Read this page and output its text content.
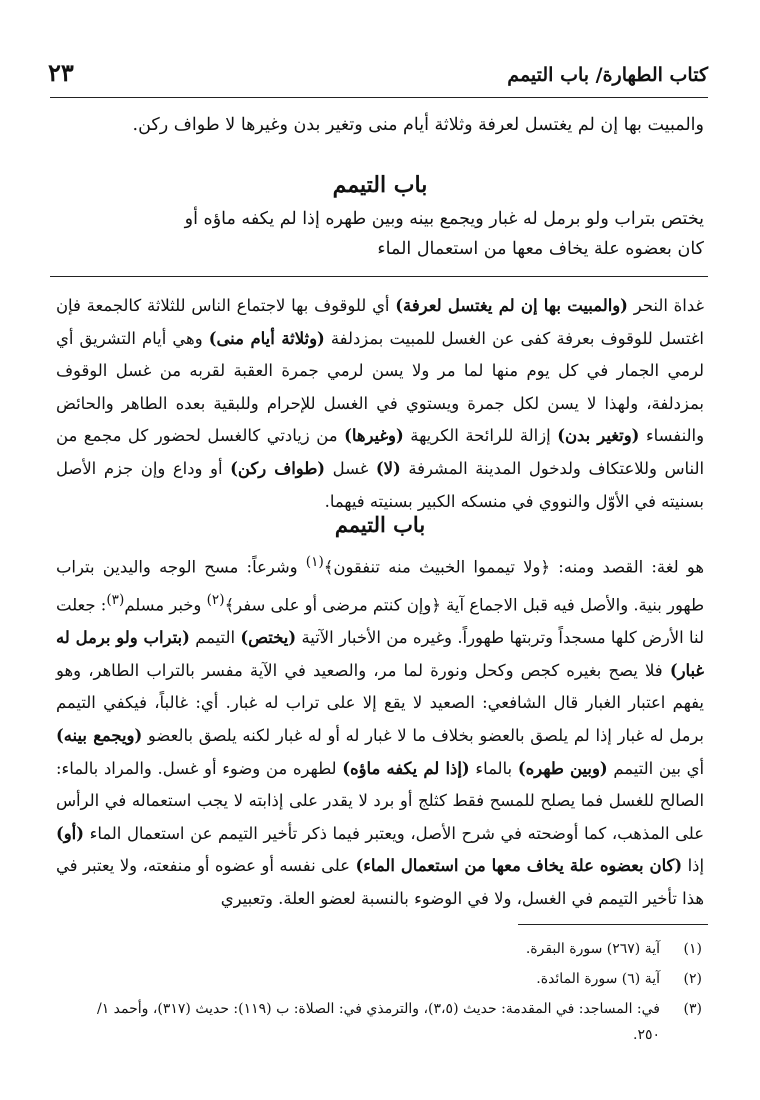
كتاب الطهارة/ باب التيمم
٢٣
والمبيت بها إن لم يغتسل لعرفة وثلاثة أيام منى وتغير بدن وغيرها لا طواف ركن.
باب التيمم
يختص بتراب ولو برمل له غبار ويجمع بينه وبين طهره إذا لم يكفه ماؤه أو
كان بعضوه علة يخاف معها من استعمال الماء
غداة النحر (والمبيت بها إن لم يغتسل لعرفة) أي للوقوف بها لاجتماع الناس للثلاثة كالجمعة فإن اغتسل للوقوف بعرفة كفى عن الغسل للمبيت بمزدلفة (وثلاثة أيام منى) وهي أيام التشريق أي لرمي الجمار في كل يوم منها لما مر ولا يسن لرمي جمرة العقبة لقربه من غسل الوقوف بمزدلفة، ولهذا لا يسن لكل جمرة ويستوي في الغسل للإحرام وللبقية بعده الطاهر والحائض والنفساء (وتغير بدن) إزالة للرائحة الكريهة (وغيرها) من زيادتي كالغسل لحضور كل مجمع من الناس وللاعتكاف ولدخول المدينة المشرفة (لا) غسل (طواف ركن) أو وداع وإن جزم الأصل بسنيته في الأوّل والنووي في منسكه الكبير بسنيته فيهما.
باب التيمم
هو لغة: القصد ومنه: ﴿ولا تيمموا الخبيث منه تنفقون﴾$^{(١)}$ وشرعاً: مسح الوجه واليدين بتراب طهور بنية. والأصل فيه قبل الاجماع آية ﴿وإن كنتم مرضى أو على سفر﴾$^{(٢)}$ وخبر مسلم$^{(٣)}$: جعلت لنا الأرض كلها مسجداً وتربتها طهوراً. وغيره من الأخبار الآتية (يختص) التيمم (بتراب ولو برمل له غبار) فلا يصح بغيره كجص وكحل ونورة لما مر، والصعيد في الآية مفسر بالتراب الطاهر، وهو يفهم اعتبار الغبار قال الشافعي: الصعيد لا يقع إلا على تراب له غبار. أي: غالباً، فيكفي التيمم برمل له غبار إذا لم يلصق بالعضو بخلاف ما لا غبار له أو له غبار لكنه يلصق بالعضو (ويجمع بينه) أي بين التيمم (وبين طهره) بالماء (إذا لم يكفه ماؤه) لطهره من وضوء أو غسل. والمراد بالماء: الصالح للغسل فما يصلح للمسح فقط كثلج أو برد لا يقدر على إذابته لا يجب استعماله في الرأس على المذهب، كما أوضحته في شرح الأصل، ويعتبر فيما ذكر تأخير التيمم عن استعمال الماء (أو) إذا (كان بعضوه علة يخاف معها من استعمال الماء) على نفسه أو عضوه أو منفعته، ولا يعتبر في هذا تأخير التيمم في الغسل، ولا في الوضوء بالنسبة لعضو العلة. وتعبيري
(١)
آية (٢٦٧) سورة البقرة.
(٢)
آية (٦) سورة المائدة.
(٣)
في: المساجد: في المقدمة: حديث (٣،٥)، والترمذي في: الصلاة: ب (١١٩): حديث (٣١٧)، وأحمد ١/ ٢٥٠.
